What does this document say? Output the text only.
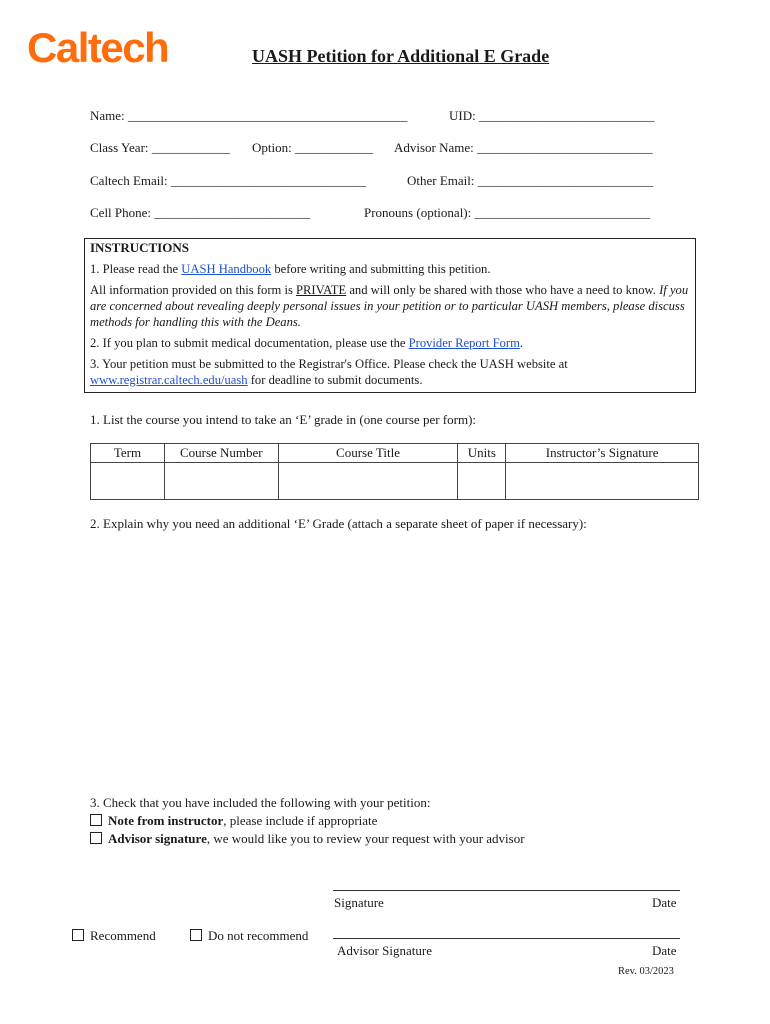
Caltech	UASH Petition for Additional E Grade
Name: ___________________________________________	UID: ___________________________
Class Year: ____________ Option: ____________ Advisor Name: ___________________________
Caltech Email: ______________________________	Other Email: ___________________________
Cell Phone: ________________________	Pronouns (optional): ___________________________
INSTRUCTIONS

1. Please read the UASH Handbook before writing and submitting this petition.

All information provided on this form is PRIVATE and will only be shared with those who have a need to know. If you are concerned about revealing deeply personal issues in your petition or to particular UASH members, please discuss methods for handling this with the Deans.

2. If you plan to submit medical documentation, please use the Provider Report Form.

3. Your petition must be submitted to the Registrar's Office. Please check the UASH website at www.registrar.caltech.edu/uash for deadline to submit documents.

1. List the course you intend to take an ‘E’ grade in (one course per form):
Term	Course Number	Course Title	Units	Instructor’s Signature

2. Explain why you need an additional ‘E’ Grade (attach a separate sheet of paper if necessary):
3. Check that you have included the following with your petition:
Note from instructor, please include if appropriate
Advisor signature, we would like you to review your request with your advisor
Signature	Date
Recommend	Do not recommend
Advisor Signature	Date
Rev. 03/2023
